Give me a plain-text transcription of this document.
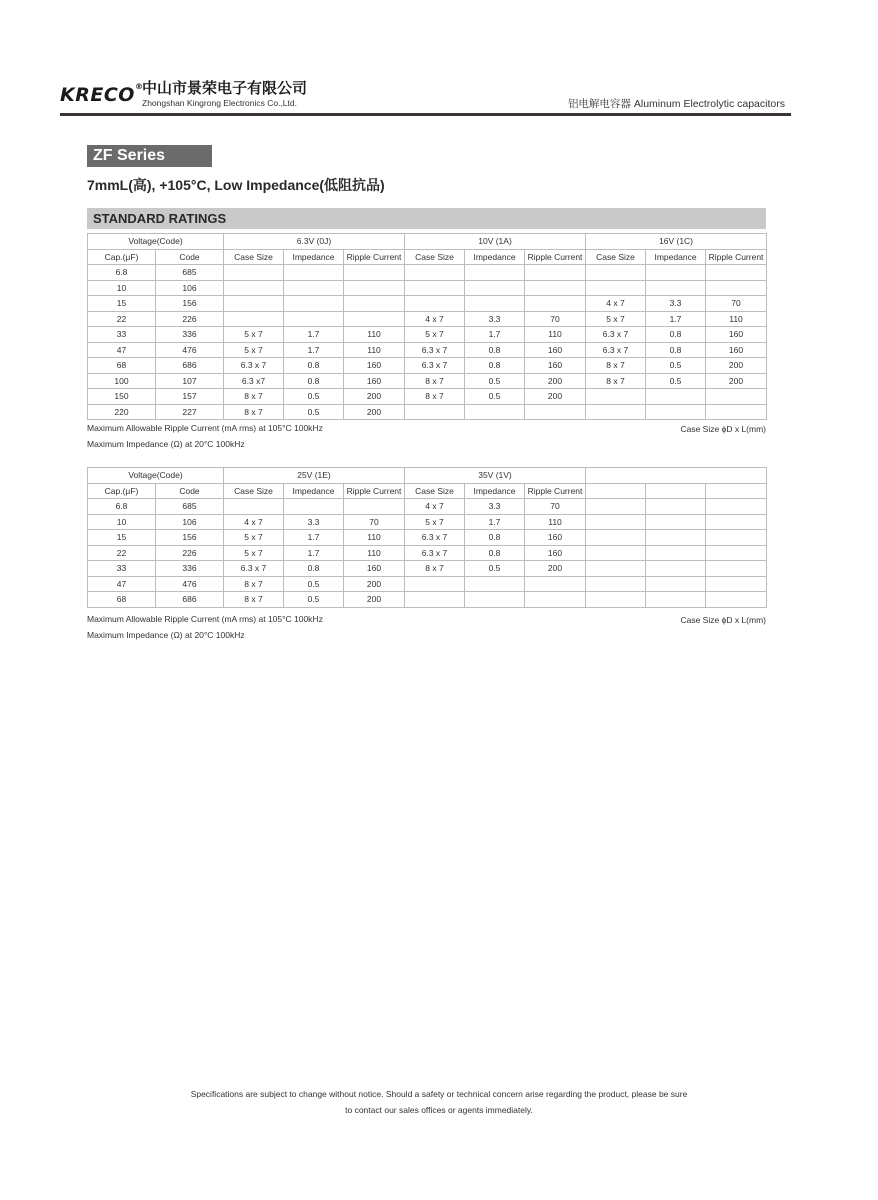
KRECO®
中山市景荣电子有限公司
Zhongshan Kingrong Electronics Co.,Ltd.	铝电解电容器 Aluminum Electrolytic capacitors
ZF Series
7mmL(高), +105°C, Low Impedance(低阻抗品)
STANDARD RATINGS
Voltage(Code)		6.3V (0J)			10V (1A)			16V (1C)		
Cap.(μF)	Code	Case Size	Impedance	Ripple Current	Case Size	Impedance	Ripple Current	Case Size	Impedance	Ripple Current
6.8	685									
10	106									
15	156							4 x 7	3.3	70
22	226				4 x 7	3.3	70	5 x 7	1.7	110
33	336	5 x 7	1.7	110	5 x 7	1.7	110	6.3 x 7	0.8	160
47	476	5 x 7	1.7	110	6.3 x 7	0.8	160	6.3 x 7	0.8	160
68	686	6.3 x 7	0.8	160	6.3 x 7	0.8	160	8 x 7	0.5	200
100	107	6.3 x7	0.8	160	8 x 7	0.5	200	8 x 7	0.5	200
150	157	8 x 7	0.5	200	8 x 7	0.5	200			
220	227	8 x 7	0.5	200						
Maximum Allowable Ripple Current (mA rms) at 105°C 100kHz	Case Size ϕD x L(mm)
Maximum Impedance (Ω) at 20°C 100kHz
Voltage(Code)		25V (1E)			35V (1V)					
Cap.(μF)	Code	Case Size	Impedance	Ripple Current	Case Size	Impedance	Ripple Current			
6.8	685				4 x 7	3.3	70			
10	106	4 x 7	3.3	70	5 x 7	1.7	110			
15	156	5 x 7	1.7	110	6.3 x 7	0.8	160			
22	226	5 x 7	1.7	110	6.3 x 7	0.8	160			
33	336	6.3 x 7	0.8	160	8 x 7	0.5	200			
47	476	8 x 7	0.5	200						
68	686	8 x 7	0.5	200						
Maximum Allowable Ripple Current (mA rms) at 105°C 100kHz	Case Size ϕD x L(mm)
Maximum Impedance (Ω) at 20°C 100kHz
Specifications are subject to change without notice. Should a safety or technical concern arise regarding the product, please be sure
to contact our sales offices or agents immediately.
